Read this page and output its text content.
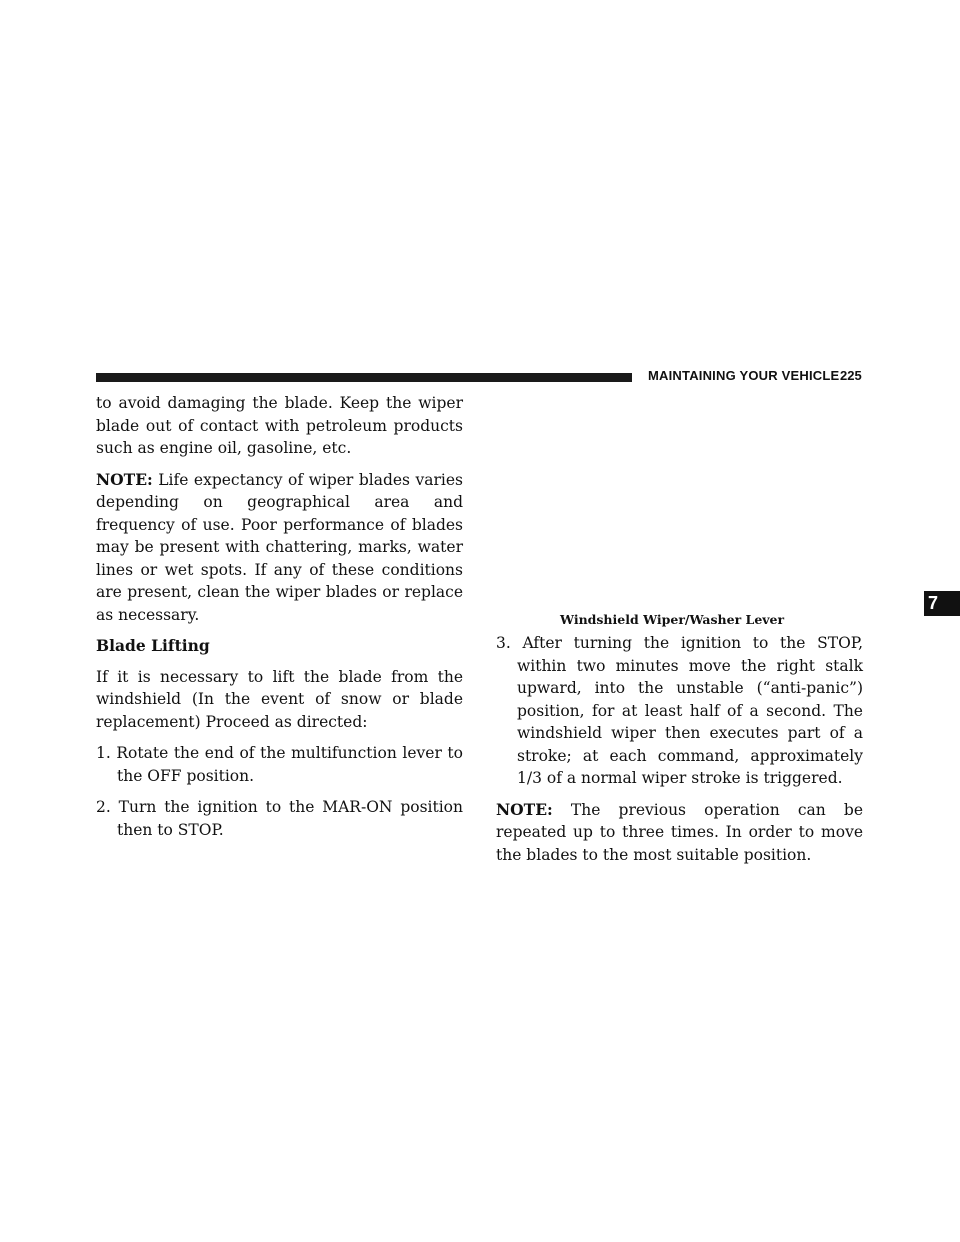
MAINTAINING YOUR VEHICLE 225
7

to avoid damaging the blade. Keep the wiper blade out of contact with petroleum products such as engine oil, gasoline, etc.

NOTE: Life expectancy of wiper blades varies depending on geographical area and frequency of use. Poor performance of blades may be present with chattering, marks, water lines or wet spots. If any of these conditions are present, clean the wiper blades or replace as necessary.

Blade Lifting

If it is necessary to lift the blade from the windshield (In the event of snow or blade replacement) Proceed as directed:

1. Rotate the end of the multifunction lever to the OFF position.
2. Turn the ignition to the MAR-ON position then to STOP.
Windshield Wiper/Washer Lever
3. After turning the ignition to the STOP, within two minutes move the right stalk upward, into the unstable (“anti-panic”) position, for at least half of a second. The windshield wiper then executes part of a stroke; at each command, approximately 1/3 of a normal wiper stroke is triggered.

NOTE: The previous operation can be repeated up to three times. In order to move the blades to the most suitable position.
